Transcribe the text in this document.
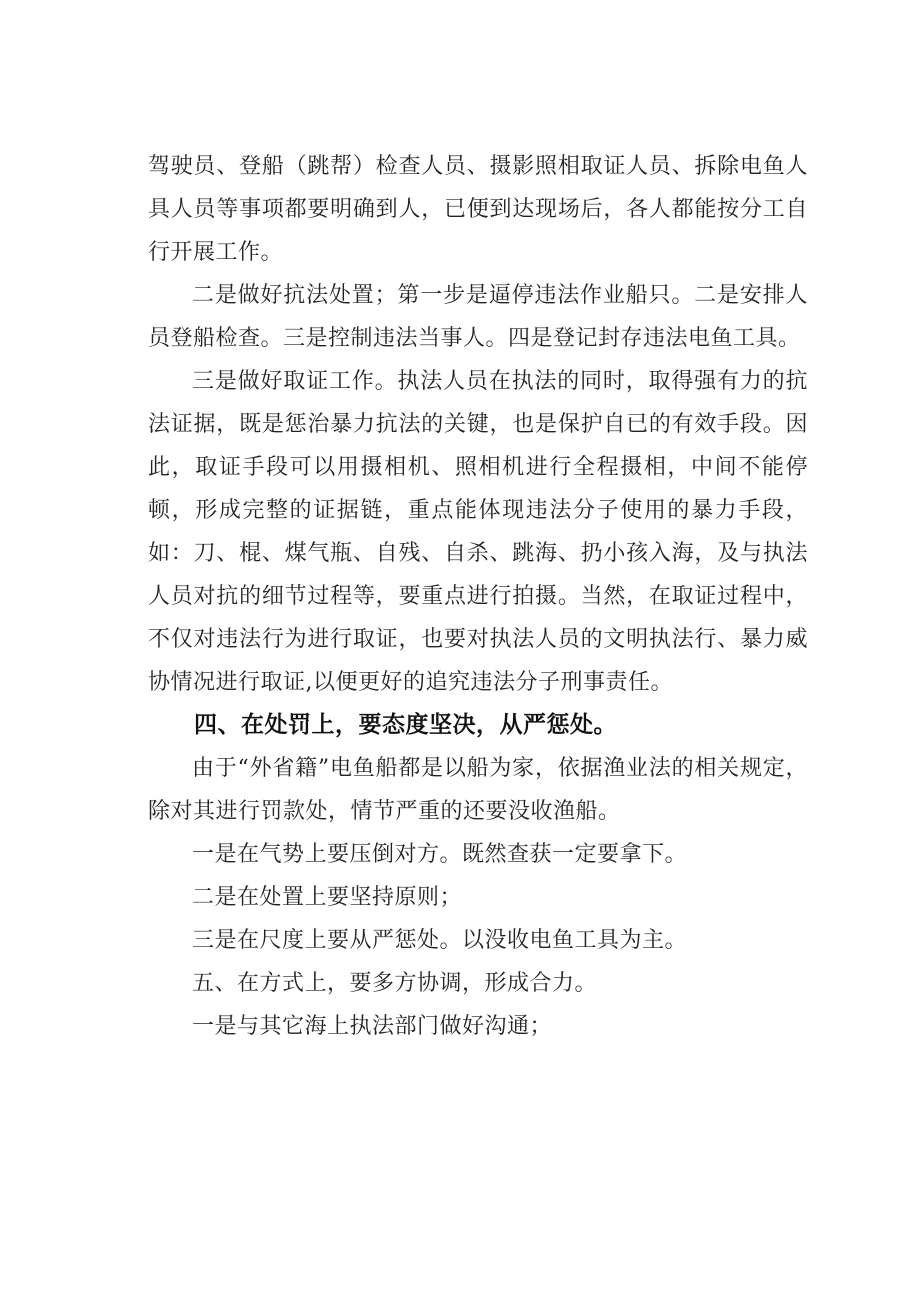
驾驶员、登船（跳帮）检查人员、摄影照相取证人员、拆除电鱼人具人员等事项都要明确到人，已便到达现场后，各人都能按分工自行开展工作。

二是做好抗法处置；第一步是逼停违法作业船只。二是安排人员登船检查。三是控制违法当事人。四是登记封存违法电鱼工具。

三是做好取证工作。执法人员在执法的同时，取得强有力的抗法证据，既是惩治暴力抗法的关键，也是保护自已的有效手段。因此，取证手段可以用摄相机、照相机进行全程摄相，中间不能停顿，形成完整的证据链，重点能体现违法分子使用的暴力手段，如：刀、棍、煤气瓶、自残、自杀、跳海、扔小孩入海，及与执法人员对抗的细节过程等，要重点进行拍摄。当然，在取证过程中，不仅对违法行为进行取证，也要对执法人员的文明执法行、暴力威协情况进行取证,以便更好的追究违法分子刑事责任。

四、在处罚上，要态度坚决，从严惩处。

由于“外省籍”电鱼船都是以船为家，依据渔业法的相关规定，除对其进行罚款处，情节严重的还要没收渔船。

一是在气势上要压倒对方。既然查获一定要拿下。

二是在处置上要坚持原则；

三是在尺度上要从严惩处。以没收电鱼工具为主。

五、在方式上，要多方协调，形成合力。

一是与其它海上执法部门做好沟通；
